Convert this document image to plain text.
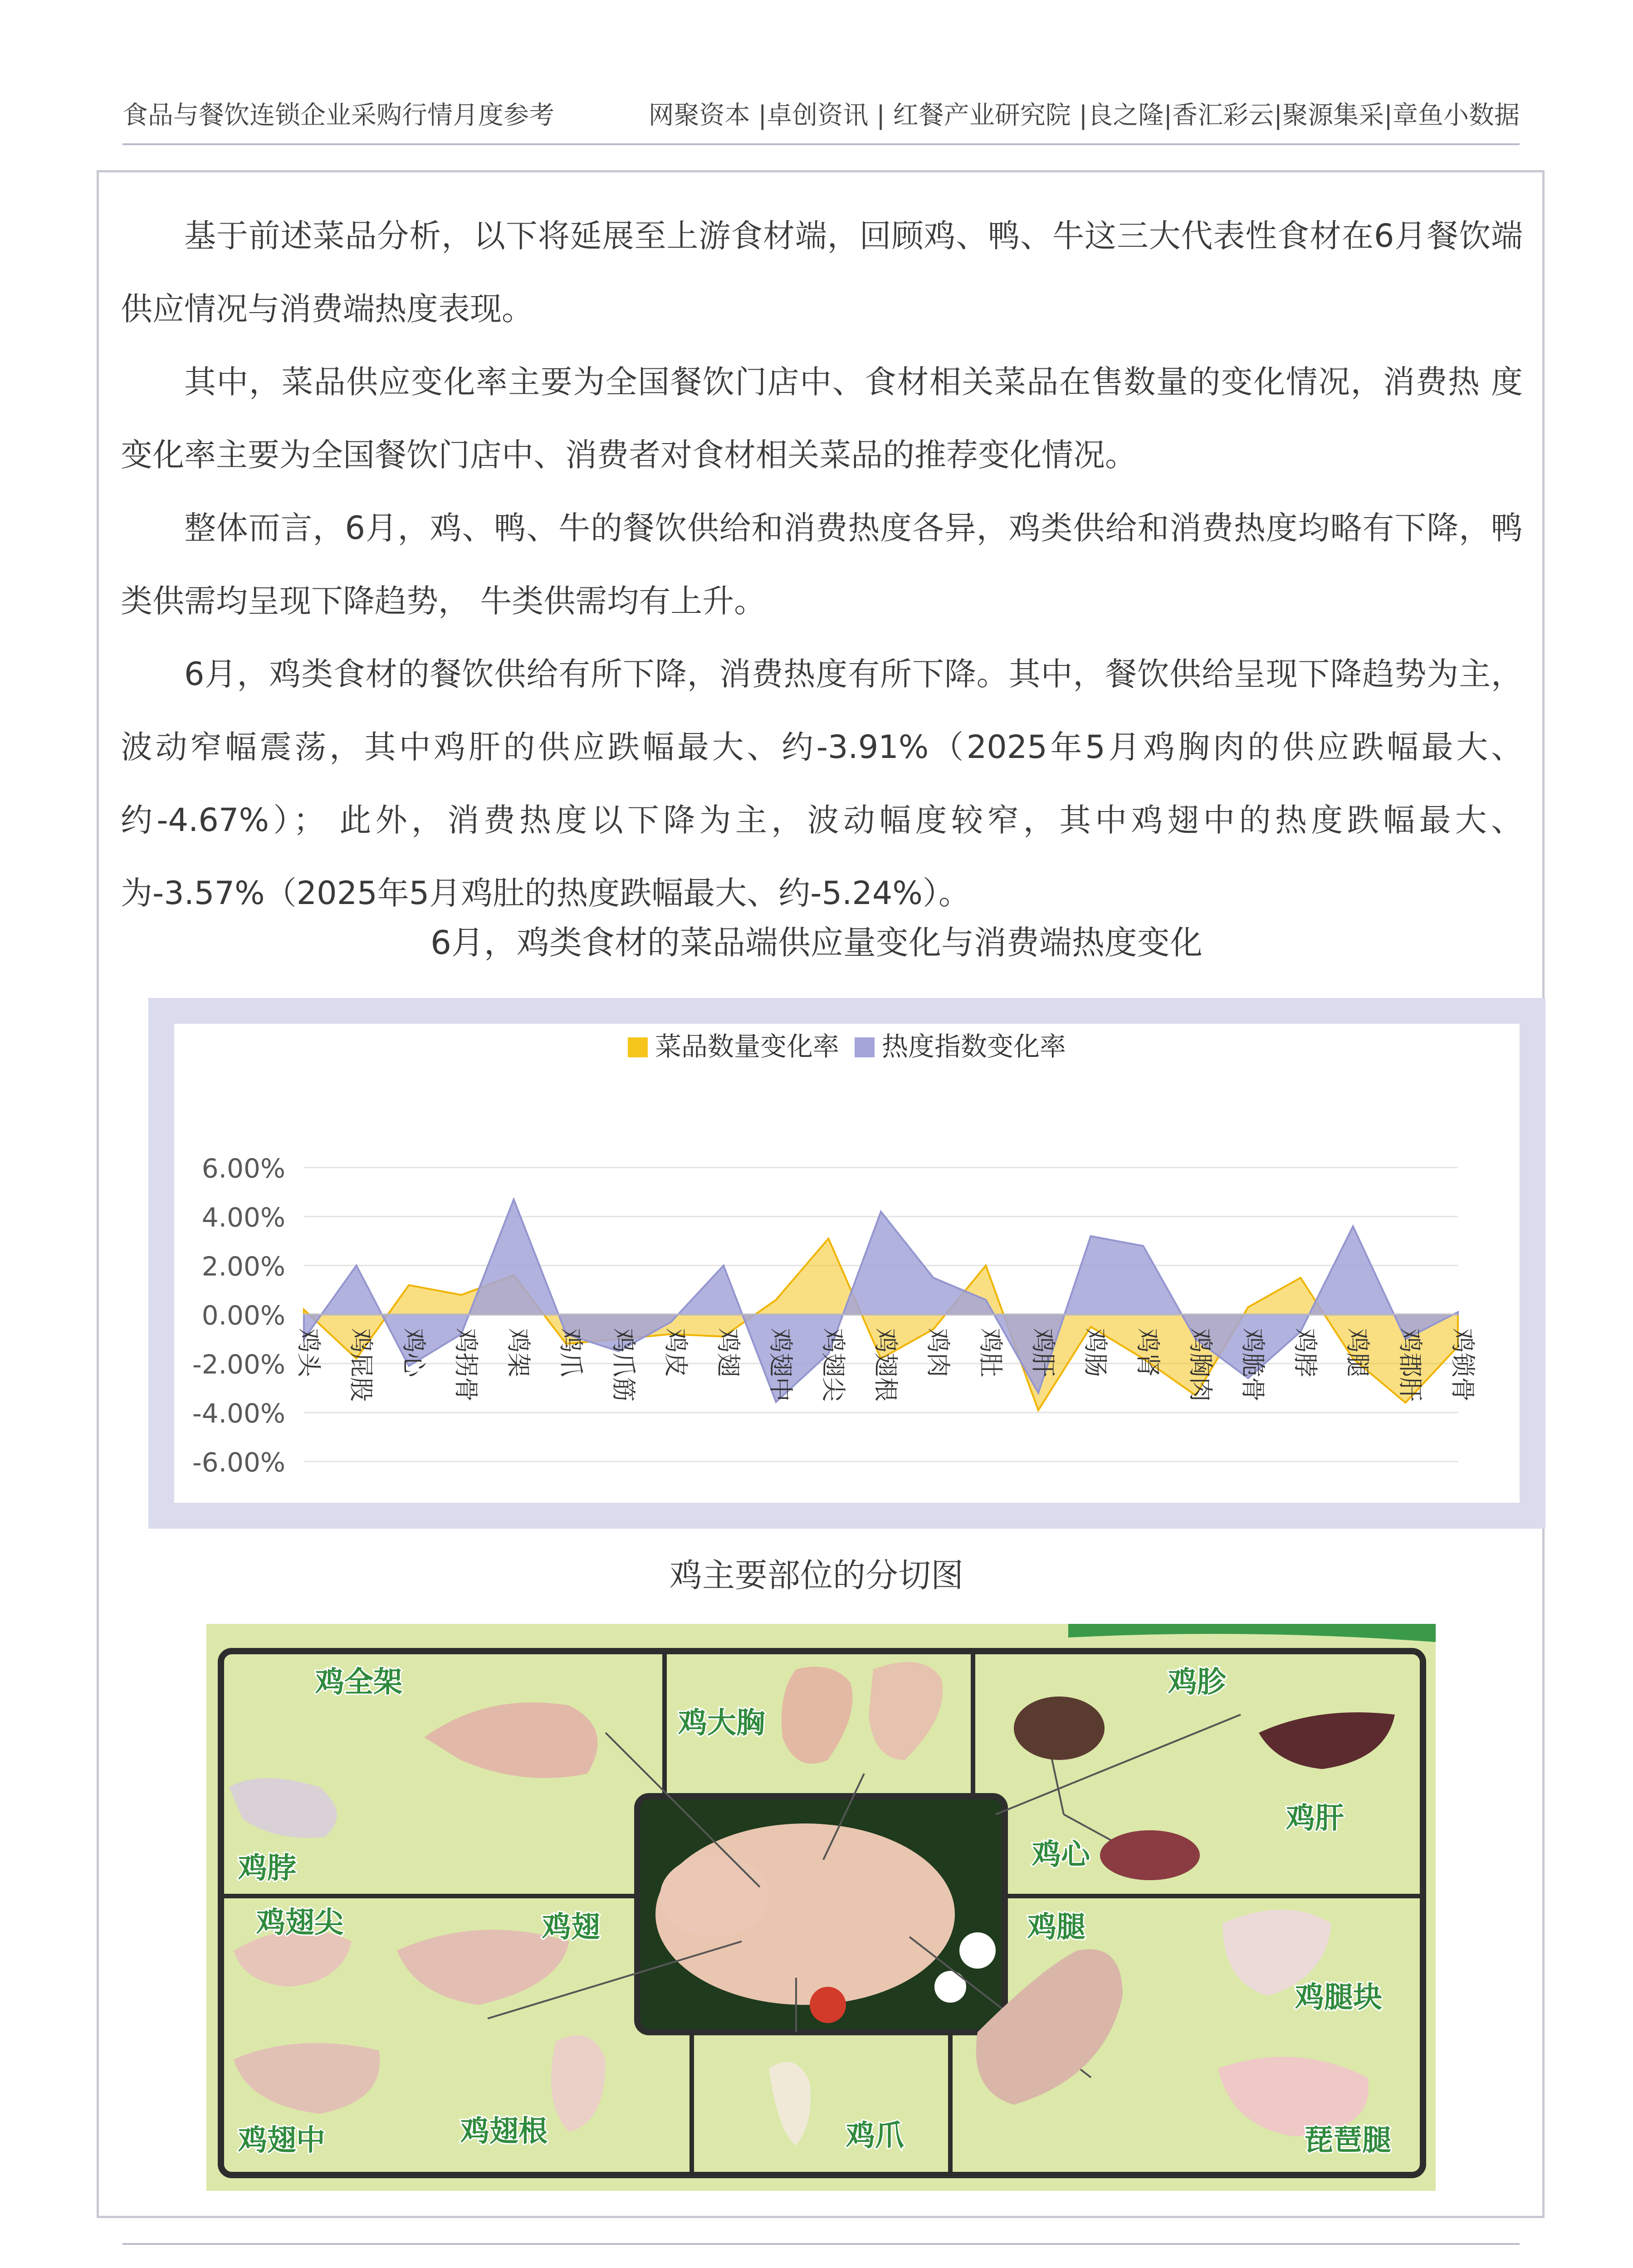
食品与餐饮连锁企业采购行情月度参考	网聚资本 |卓创资讯 | 红餐产业研究院 |良之隆|香汇彩云|聚源集采|章鱼小数据

基于前述菜品分析，以下将延展至上游食材端，回顾鸡、鸭、牛这三大代表性食材在6月餐饮端供应情况与消费端热度表现。

其中，菜品供应变化率主要为全国餐饮门店中、食材相关菜品在售数量的变化情况，消费热 度变化率主要为全国餐饮门店中、消费者对食材相关菜品的推荐变化情况。

整体而言，6月，鸡、鸭、牛的餐饮供给和消费热度各异，鸡类供给和消费热度均略有下降，鸭类供需均呈现下降趋势， 牛类供需均有上升。

6月，鸡类食材的餐饮供给有所下降，消费热度有所下降。其中，餐饮供给呈现下降趋势为主，波动窄幅震荡，其中鸡肝的供应跌幅最大、约-3.91%（2025年5月鸡胸肉的供应跌幅最大、约-4.67%）； 此外，消费热度以下降为主，波动幅度较窄，其中鸡翅中的热度跌幅最大、为-3.57%（2025年5月鸡肚的热度跌幅最大、约-5.24%）。

6月，鸡类食材的菜品端供应量变化与消费端热度变化
6.00%
4.00%
2.00%
0.00%
-2.00%
-4.00%
-6.00%
鸡头 鸡屁股 鸡心 鸡拐骨 鸡架 鸡爪 鸡爪筋 鸡皮 鸡翅 鸡翅中 鸡翅尖 鸡翅根 鸡肉 鸡肚 鸡肝 鸡肠 鸡肾 鸡胸肉 鸡脆骨 鸡脖 鸡腿 鸡郡肝 鸡锁骨
菜品数量变化率 热度指数变化率
鸡主要部位的分切图
鸡全架
鸡大胸
鸡胗
鸡肝
鸡心
鸡脖
鸡翅尖	鸡翅	鸡腿
鸡腿块
鸡翅中	鸡翅根	鸡爪	琵琶腿
